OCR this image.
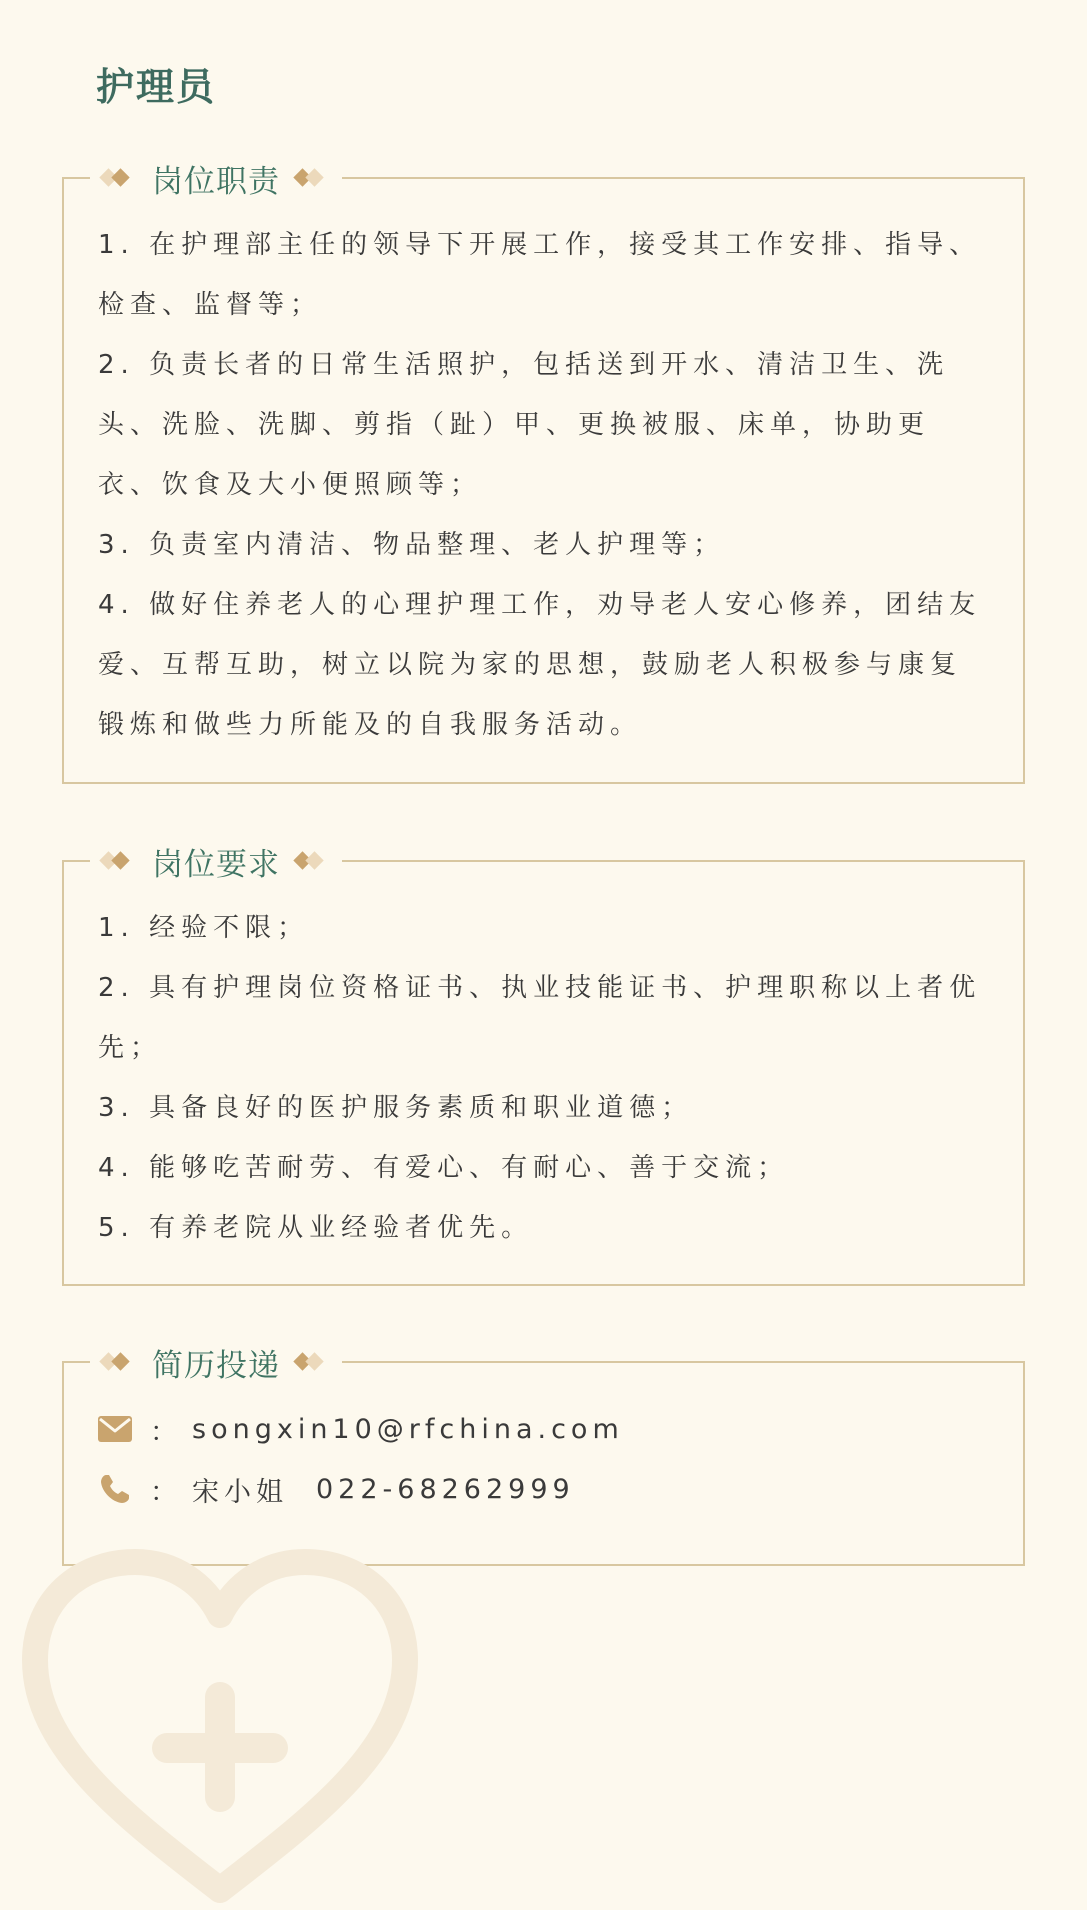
护理员
岗位职责

1. 在护理部主任的领导下开展工作，接受其工作安排、指导、检查、监督等；

2. 负责长者的日常生活照护，包括送到开水、清洁卫生、洗头、洗脸、洗脚、剪指（趾）甲、更换被服、床单，协助更衣、饮食及大小便照顾等；

3. 负责室内清洁、物品整理、老人护理等；

4. 做好住养老人的心理护理工作，劝导老人安心修养，团结友爱、互帮互助，树立以院为家的思想，鼓励老人积极参与康复锻炼和做些力所能及的自我服务活动。

岗位要求

1. 经验不限；

2. 具有护理岗位资格证书、执业技能证书、护理职称以上者优先；

3. 具备良好的医护服务素质和职业道德；

4. 能够吃苦耐劳、有爱心、有耐心、善于交流；

5. 有养老院从业经验者优先。

简历投递
： songxin10@rfchina.com
： 宋小姐 022-68262999
